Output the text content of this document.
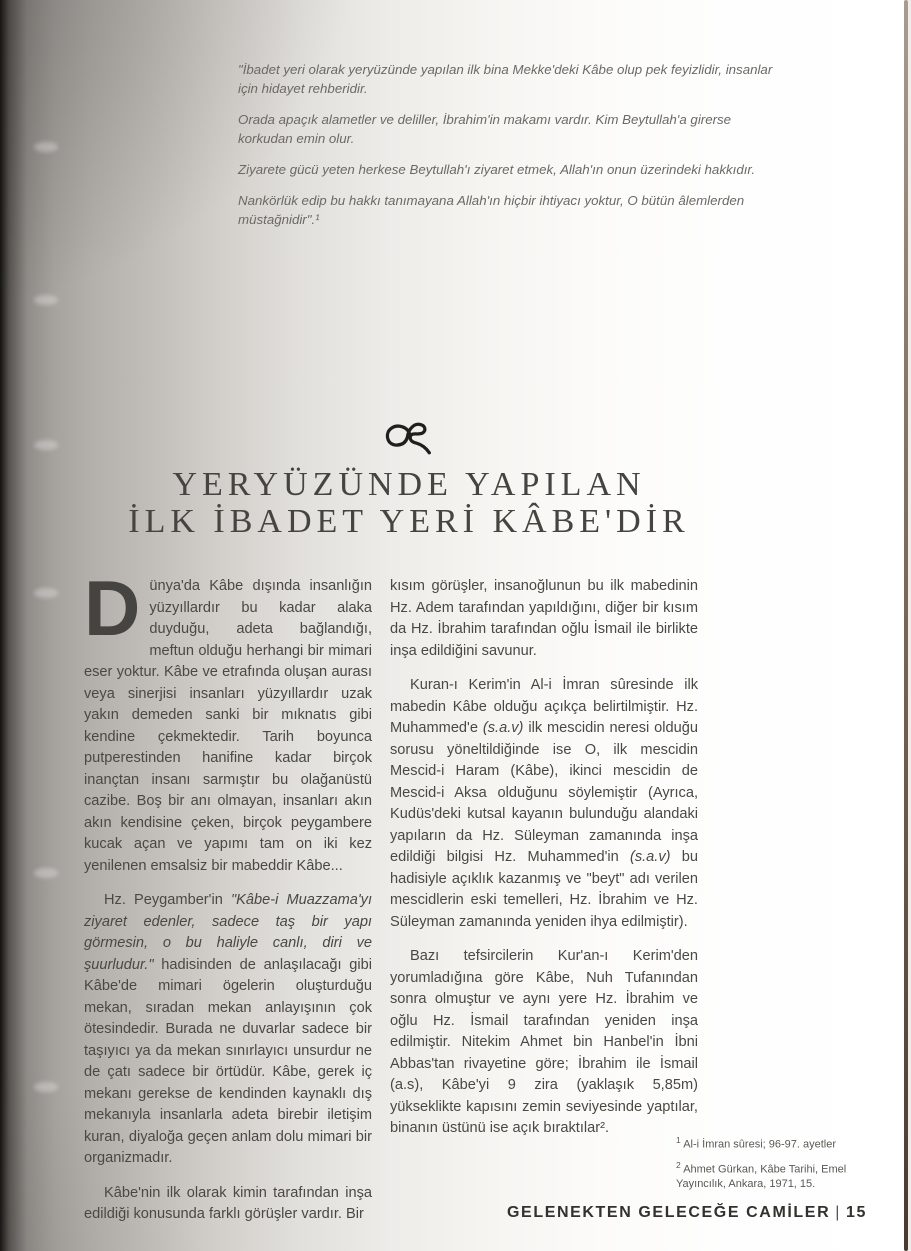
"İbadet yeri olarak yeryüzünde yapılan ilk bina Mekke'deki Kâbe olup pek feyizlidir, insanlar için hidayet rehberidir.

Orada apaçık alametler ve deliller, İbrahim'in makamı vardır. Kim Beytullah'a girerse korkudan emin olur.

Ziyarete gücü yeten herkese Beytullah'ı ziyaret etmek, Allah'ın onun üzerindeki hakkıdır.

Nankörlük edip bu hakkı tanımayana Allah'ın hiçbir ihtiyacı yoktur, O bütün âlemlerden müstağnidir".¹

YERYÜZÜNDE YAPILAN
İLK İBADET YERİ KÂBE'DİR

Dünya'da Kâbe dışında insanlığın yüzyıllardır bu kadar alaka duyduğu, adeta bağlandığı, meftun olduğu herhangi bir mimari eser yoktur. Kâbe ve etrafında oluşan aurası veya sinerjisi insanları yüzyıllardır uzak yakın demeden sanki bir mıknatıs gibi kendine çekmektedir. Tarih boyunca putperestinden hanifine kadar birçok inançtan insanı sarmıştır bu olağanüstü cazibe. Boş bir anı olmayan, insanları akın akın kendisine çeken, birçok peygambere kucak açan ve yapımı tam on iki kez yenilenen emsalsiz bir mabeddir Kâbe...

Hz. Peygamber'in "Kâbe-i Muazzama'yı ziyaret edenler, sadece taş bir yapı görmesin, o bu haliyle canlı, diri ve şuurludur." hadisinden de anlaşılacağı gibi Kâbe'de mimari ögelerin oluşturduğu mekan, sıradan mekan anlayışının çok ötesindedir. Burada ne duvarlar sadece bir taşıyıcı ya da mekan sınırlayıcı unsurdur ne de çatı sadece bir örtüdür. Kâbe, gerek iç mekanı gerekse de kendinden kaynaklı dış mekanıyla insanlarla adeta birebir iletişim kuran, diyaloğa geçen anlam dolu mimari bir organizmadır.

Kâbe'nin ilk olarak kimin tarafından inşa edildiği konusunda farklı görüşler vardır. Bir

kısım görüşler, insanoğlunun bu ilk mabedinin Hz. Adem tarafından yapıldığını, diğer bir kısım da Hz. İbrahim tarafından oğlu İsmail ile birlikte inşa edildiğini savunur.

Kuran-ı Kerim'in Al-i İmran sûresinde ilk mabedin Kâbe olduğu açıkça belirtilmiştir. Hz. Muhammed'e (s.a.v) ilk mescidin neresi olduğu sorusu yöneltildiğinde ise O, ilk mescidin Mescid-i Haram (Kâbe), ikinci mescidin de Mescid-i Aksa olduğunu söylemiştir (Ayrıca, Kudüs'deki kutsal kayanın bulunduğu alandaki yapıların da Hz. Süleyman zamanında inşa edildiği bilgisi Hz. Muhammed'in (s.a.v) bu hadisiyle açıklık kazanmış ve "beyt" adı verilen mescidlerin eski temelleri, Hz. İbrahim ve Hz. Süleyman zamanında yeniden ihya edilmiştir).

Bazı tefsircilerin Kur'an-ı Kerim'den yorumladığına göre Kâbe, Nuh Tufanından sonra olmuştur ve aynı yere Hz. İbrahim ve oğlu Hz. İsmail tarafından yeniden inşa edilmiştir. Nitekim Ahmet bin Hanbel'in İbni Abbas'tan rivayetine göre; İbrahim ile İsmail (a.s), Kâbe'yi 9 zira (yaklaşık 5,85m) yükseklikte kapısını zemin seviyesinde yaptılar, binanın üstünü ise açık bıraktılar².

$^1$ Al-i İmran sûresi; 96-97. ayetler
$^2$ Ahmet Gürkan, Kâbe Tarihi, Emel Yayıncılık, Ankara, 1971, 15.
GELENEKTEN GELECEĞE CAMİLER | 15
